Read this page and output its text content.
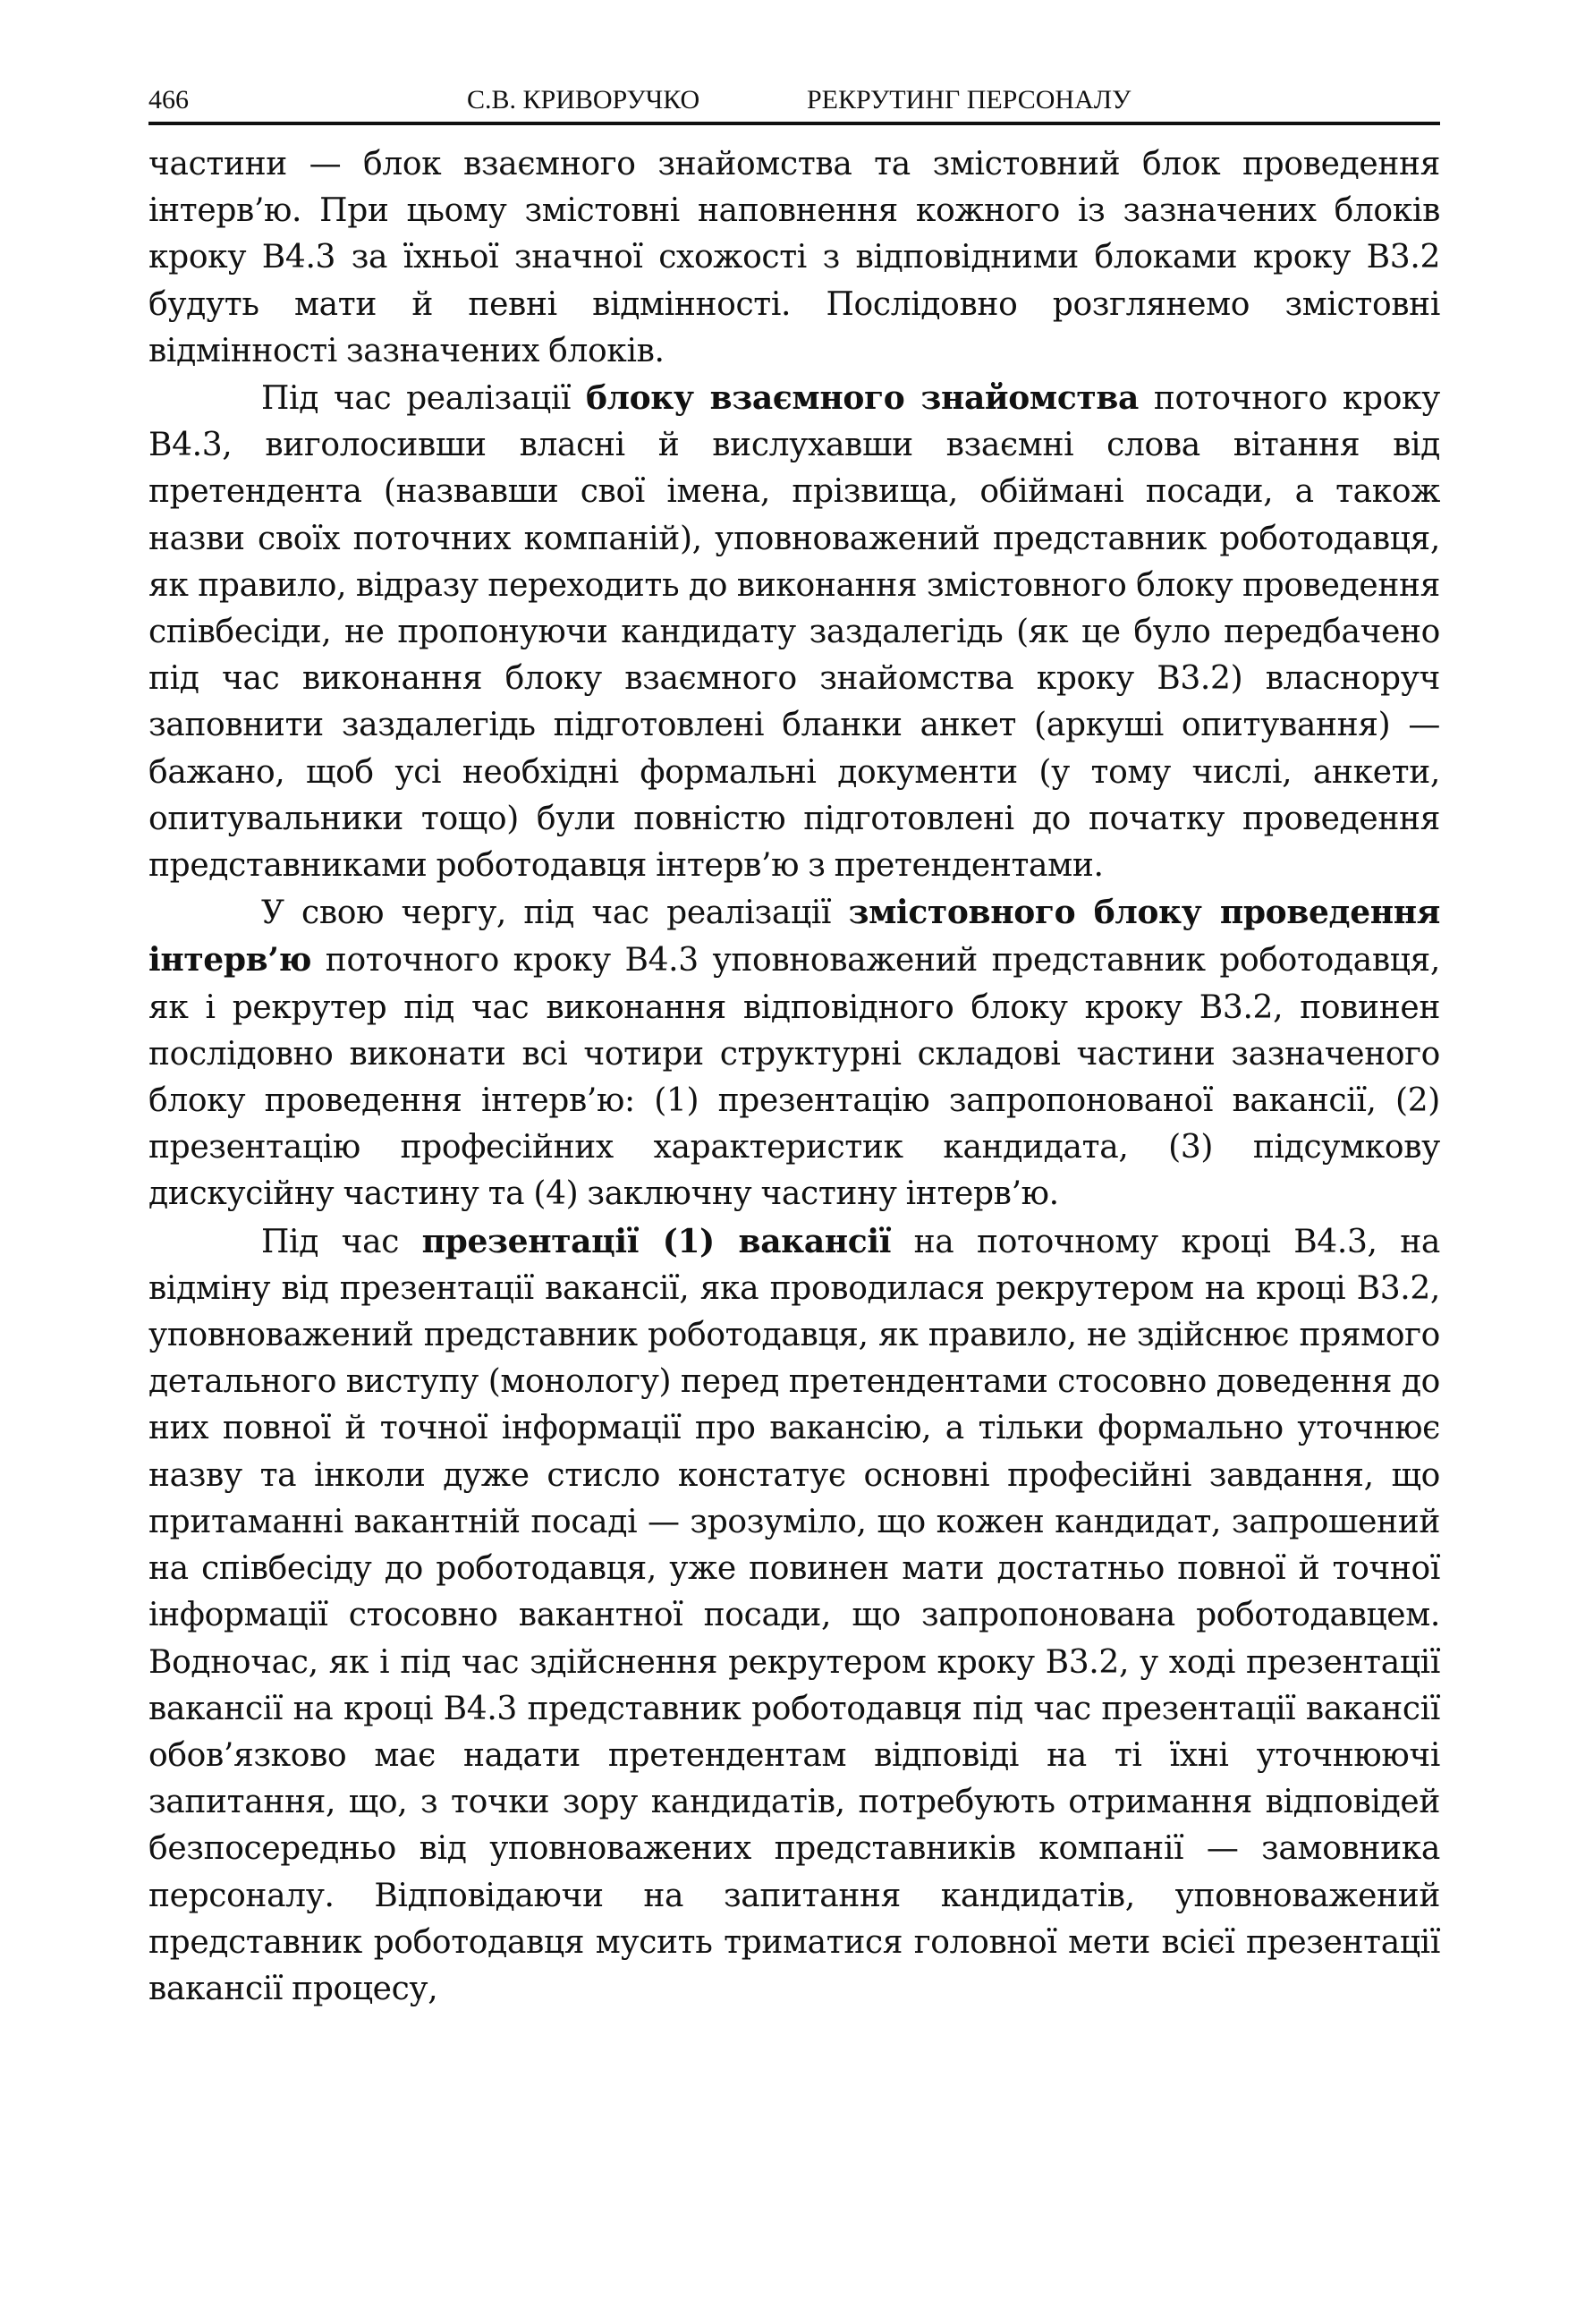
466	С.В. КРИВОРУЧКО	РЕКРУТИНГ ПЕРСОНАЛУ

частини — блок взаємного знайомства та змістовний блок проведення інтерв’ю. При цьому змістовні наповнення кожного із зазначених блоків кроку В4.3 за їхньої значної схожості з відповідними блоками кроку В3.2 будуть мати й певні відмінності. Послідовно розглянемо змістовні відмінності зазначених блоків.

Під час реалізації блоку взаємного знайомства поточного кроку В4.3, виголосивши власні й вислухавши взаємні слова вітання від претендента (назвавши свої імена, прізвища, обіймані посади, а також назви своїх поточних компаній), уповноважений представник роботодавця, як правило, відразу переходить до виконання змістовного блоку проведення співбесіди, не пропонуючи кандидату заздалегідь (як це було передбачено під час виконання блоку взаємного знайомства кроку В3.2) власноруч заповнити заздалегідь підготовлені бланки анкет (аркуші опитування) — бажано, щоб усі необхідні формальні документи (у тому числі, анкети, опитувальники тощо) були повністю підготовлені до початку проведення представниками роботодавця інтерв’ю з претендентами.

У свою чергу, під час реалізації змістовного блоку проведення інтерв’ю поточного кроку В4.3 уповноважений представник роботодавця, як і рекрутер під час виконання відповідного блоку кроку В3.2, повинен послідовно виконати всі чотири структурні складові частини зазначеного блоку проведення інтерв’ю: (1) презентацію запропонованої вакансії, (2) презентацію професійних характеристик кандидата, (3) підсумкову дискусійну частину та (4) заключну частину інтерв’ю.

Під час презентації (1) вакансії на поточному кроці В4.3, на відміну від презентації вакансії, яка проводилася рекрутером на кроці В3.2, уповноважений представник роботодавця, як правило, не здійснює прямого детального виступу (монологу) перед претендентами стосовно доведення до них повної й точної інформації про вакансію, а тільки формально уточнює назву та інколи дуже стисло констатує основні професійні завдання, що притаманні вакантній посаді — зрозуміло, що кожен кандидат, запрошений на співбесіду до роботодавця, уже повинен мати достатньо повної й точної інформації стосовно вакантної посади, що запропонована роботодавцем. Водночас, як і під час здійснення рекрутером кроку В3.2, у ході презентації вакансії на кроці В4.3 представник роботодавця під час презентації вакансії обов’язково має надати претендентам відповіді на ті їхні уточнюючі запитання, що, з точки зору кандидатів, потребують отримання відповідей безпосередньо від уповноважених представників компанії — замовника персоналу. Відповідаючи на запитання кандидатів, уповноважений представник роботодавця мусить триматися головної мети всієї презентації вакансії процесу,
